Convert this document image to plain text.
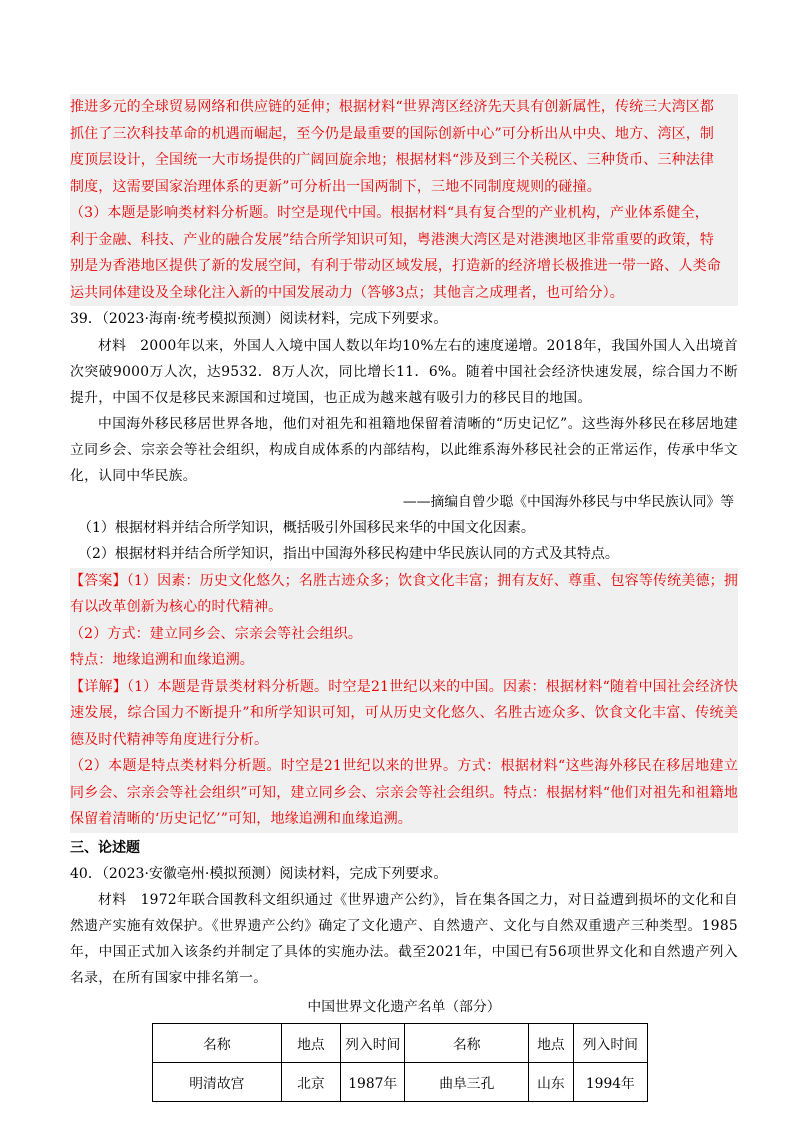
推进多元的全球贸易网络和供应链的延伸；根据材料“世界湾区经济先天具有创新属性，传统三大湾区都

抓住了三次科技革命的机遇而崛起，至今仍是最重要的国际创新中心”可分析出从中央、地方、湾区，制

度顶层设计，全国统一大市场提供的广阔回旋余地；根据材料“涉及到三个关税区、三种货币、三种法律

制度，这需要国家治理体系的更新”可分析出一国两制下，三地不同制度规则的碰撞。

（3）本题是影响类材料分析题。时空是现代中国。根据材料“具有复合型的产业机构，产业体系健全，

利于金融、科技、产业的融合发展”结合所学知识可知，粤港澳大湾区是对港澳地区非常重要的政策，特

别是为香港地区提供了新的发展空间，有利于带动区域发展，打造新的经济增长极推进一带一路、人类命

运共同体建设及全球化注入新的中国发展动力（答够3点；其他言之成理者，也可给分）。

39．（2023·海南·统考模拟预测）阅读材料，完成下列要求。

材料　2000年以来，外国人入境中国人数以年均10%左右的速度递增。2018年，我国外国人入出境首次突破9000万人次，达9532．8万人次，同比增长11．6%。随着中国社会经济快速发展，综合国力不断提升，中国不仅是移民来源国和过境国，也正成为越来越有吸引力的移民目的地国。

中国海外移民移居世界各地，他们对祖先和祖籍地保留着清晰的“历史记忆”。这些海外移民在移居地建立同乡会、宗亲会等社会组织，构成自成体系的内部结构，以此维系海外移民社会的正常运作，传承中华文化，认同中华民族。

——摘编自曾少聪《中国海外移民与中华民族认同》等

（1）根据材料并结合所学知识，概括吸引外国移民来华的中国文化因素。

（2）根据材料并结合所学知识，指出中国海外移民构建中华民族认同的方式及其特点。

【答案】（1）因素：历史文化悠久；名胜古迹众多；饮食文化丰富；拥有友好、尊重、包容等传统美德；拥有以改革创新为核心的时代精神。

（2）方式：建立同乡会、宗亲会等社会组织。

特点：地缘追溯和血缘追溯。

【详解】（1）本题是背景类材料分析题。时空是21世纪以来的中国。因素：根据材料“随着中国社会经济快速发展，综合国力不断提升”和所学知识可知，可从历史文化悠久、名胜古迹众多、饮食文化丰富、传统美德及时代精神等角度进行分析。

（2）本题是特点类材料分析题。时空是21世纪以来的世界。方式：根据材料“这些海外移民在移居地建立同乡会、宗亲会等社会组织”可知，建立同乡会、宗亲会等社会组织。特点：根据材料“他们对祖先和祖籍地保留着清晰的‘历史记忆’”可知，地缘追溯和血缘追溯。

三、论述题

40．（2023·安徽亳州·模拟预测）阅读材料，完成下列要求。

材料　1972年联合国教科文组织通过《世界遗产公约》，旨在集各国之力，对日益遭到损坏的文化和自然遗产实施有效保护。《世界遗产公约》确定了文化遗产、自然遗产、文化与自然双重遗产三种类型。1985年，中国正式加入该条约并制定了具体的实施办法。截至2021年，中国已有56项世界文化和自然遗产列入名录，在所有国家中排名第一。

中国世界文化遗产名单（部分）

名称	地点	列入时间	名称	地点	列入时间
明清故宫	北京	1987年	曲阜三孔	山东	1994年
